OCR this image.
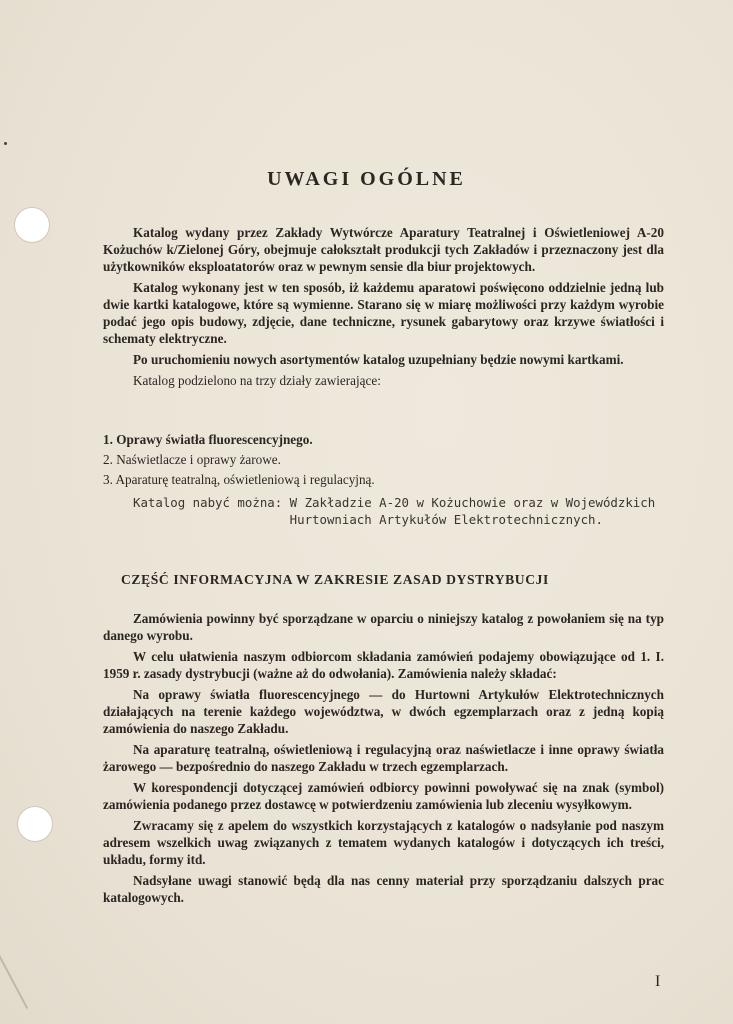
UWAGI OGÓLNE

Katalog wydany przez Zakłady Wytwórcze Aparatury Teatralnej i Oświetleniowej A-20 Kożuchów k/Zielonej Góry, obejmuje całokształt produkcji tych Zakładów i przeznaczony jest dla użytkowników eksploatatorów oraz w pewnym sensie dla biur projektowych.

Katalog wykonany jest w ten sposób, iż każdemu aparatowi poświęcono oddzielnie jedną lub dwie kartki katalogowe, które są wymienne. Starano się w miarę możliwości przy każdym wyrobie podać jego opis budowy, zdjęcie, dane techniczne, rysunek gabarytowy oraz krzywe światłości i schematy elektryczne.

Po uruchomieniu nowych asortymentów katalog uzupełniany będzie nowymi kartkami.

Katalog podzielono na trzy działy zawierające:

1. Oprawy światła fluorescencyjnego.

2. Naświetlacze i oprawy żarowe.

3. Aparaturę teatralną, oświetleniową i regulacyjną.

Katalog nabyć można: W Zakładzie A-20 w Kożuchowie oraz w Wojewódzkich Hurtowniach Artykułów Elektrotechnicznych.
CZĘŚĆ INFORMACYJNA W ZAKRESIE ZASAD DYSTRYBUCJI

Zamówienia powinny być sporządzane w oparciu o niniejszy katalog z powołaniem się na typ danego wyrobu.

W celu ułatwienia naszym odbiorcom składania zamówień podajemy obowiązujące od 1. I. 1959 r. zasady dystrybucji (ważne aż do odwołania). Zamówienia należy składać:

Na oprawy światła fluorescencyjnego — do Hurtowni Artykułów Elektrotechnicznych działających na terenie każdego województwa, w dwóch egzemplarzach oraz z jedną kopią zamówienia do naszego Zakładu.

Na aparaturę teatralną, oświetleniową i regulacyjną oraz naświetlacze i inne oprawy światła żarowego — bezpośrednio do naszego Zakładu w trzech egzemplarzach.

W korespondencji dotyczącej zamówień odbiorcy powinni powoływać się na znak (symbol) zamówienia podanego przez dostawcę w potwierdzeniu zamówienia lub zleceniu wysyłkowym.

Zwracamy się z apelem do wszystkich korzystających z katalogów o nadsyłanie pod naszym adresem wszelkich uwag związanych z tematem wydanych katalogów i dotyczących ich treści, układu, formy itd.

Nadsyłane uwagi stanowić będą dla nas cenny materiał przy sporządzaniu dalszych prac katalogowych.

I
